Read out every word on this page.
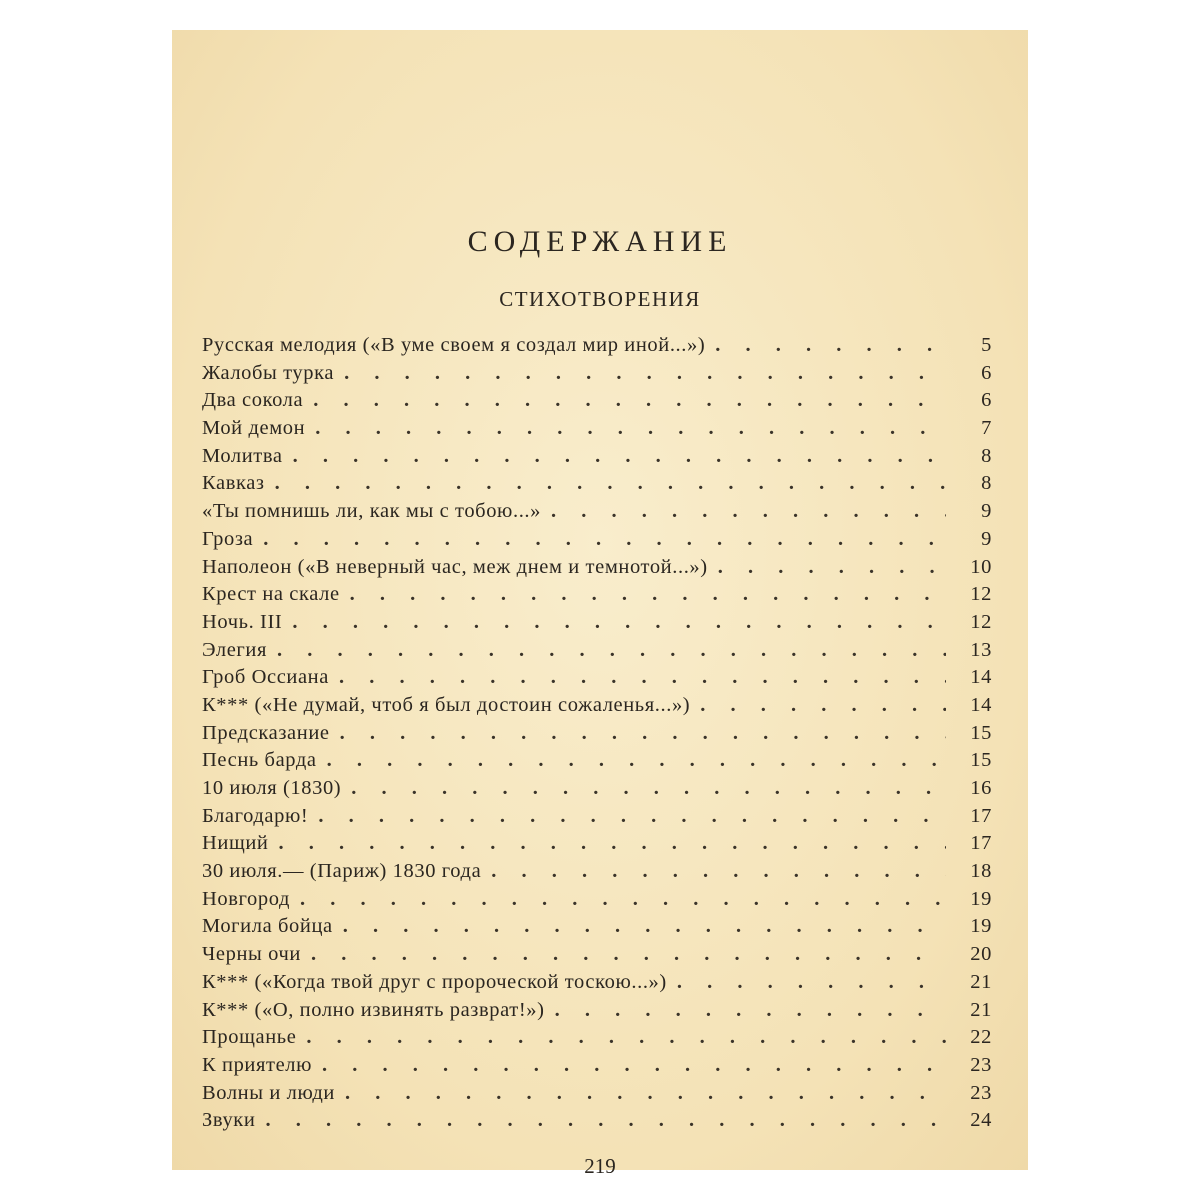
СОДЕРЖАНИЕ
СТИХОТВОРЕНИЯ
Русская мелодия («В уме своем я создал мир иной...») . . .	5
Жалобы турка . . .	6
Два сокола . . .	6
Мой демон . . .	7
Молитва . . .	8
Кавказ . . .	8
«Ты помнишь ли, как мы с тобою...» . . .	9
Гроза . . .	9
Наполеон («В неверный час, меж днем и темнотой...») . . .	10
Крест на скале . . .	12
Ночь. III . . .	12
Элегия . . .	13
Гроб Оссиана . . .	14
К*** («Не думай, чтоб я был достоин сожаленья...») . . .	14
Предсказание . . .	15
Песнь барда . . .	15
10 июля (1830) . . .	16
Благодарю! . . .	17
Нищий . . .	17
30 июля.— (Париж) 1830 года . . .	18
Новгород . . .	19
Могила бойца . . .	19
Черны очи . . .	20
К*** («Когда твой друг с пророческой тоскою...») . . .	21
К*** («О, полно извинять разврат!») . . .	21
Прощанье . . .	22
К приятелю . . .	23
Волны и люди . . .	23
Звуки . . .	24
219
